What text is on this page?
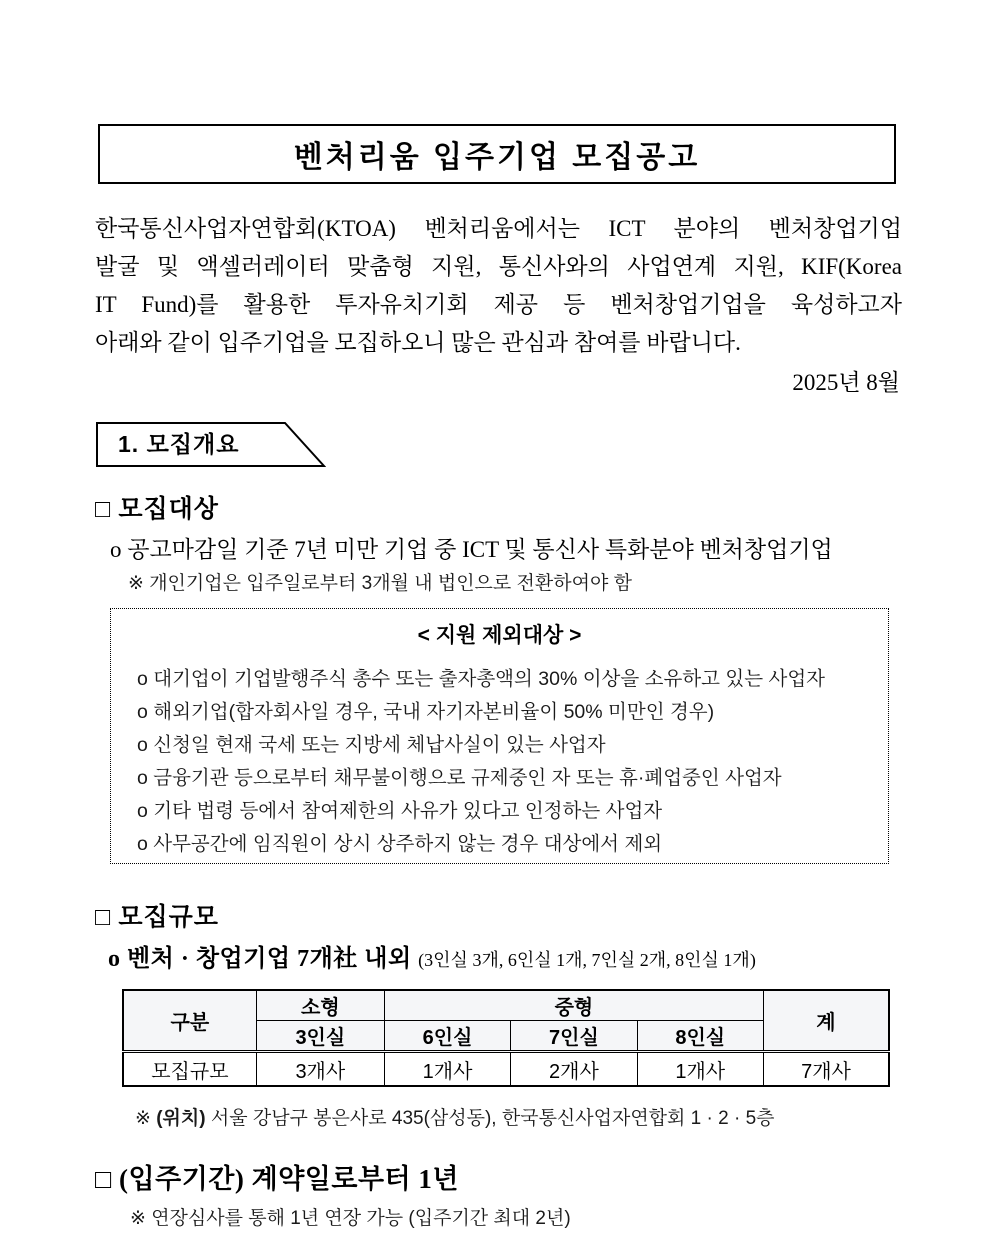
벤처리움 입주기업 모집공고
한국통신사업자연합회(KTOA) 벤처리움에서는 ICT 분야의 벤처창업기업
발굴 및 액셀러레이터 맞춤형 지원, 통신사와의 사업연계 지원, KIF(Korea
IT Fund)를 활용한 투자유치기회 제공 등 벤처창업기업을 육성하고자
아래와 같이 입주기업을 모집하오니 많은 관심과 참여를 바랍니다.
2025년 8월
1. 모집개요
□ 모집대상
o 공고마감일 기준 7년 미만 기업 중 ICT 및 통신사 특화분야 벤처창업기업
※ 개인기업은 입주일로부터 3개월 내 법인으로 전환하여야 함
< 지원 제외대상 >
o 대기업이 기업발행주식 총수 또는 출자총액의 30% 이상을 소유하고 있는 사업자
o 해외기업(합자회사일 경우, 국내 자기자본비율이 50% 미만인 경우)
o 신청일 현재 국세 또는 지방세 체납사실이 있는 사업자
o 금융기관 등으로부터 채무불이행으로 규제중인 자 또는 휴·폐업중인 사업자
o 기타 법령 등에서 참여제한의 사유가 있다고 인정하는 사업자
o 사무공간에 임직원이 상시 상주하지 않는 경우 대상에서 제외
□ 모집규모
o 벤처 · 창업기업 7개社 내외 (3인실 3개, 6인실 1개, 7인실 2개, 8인실 1개)
구분	소형	중형			계
	3인실	6인실	7인실	8인실	
모집규모	3개사	1개사	2개사	1개사	7개사
※ (위치) 서울 강남구 봉은사로 435(삼성동), 한국통신사업자연합회 1 · 2 · 5층
□ (입주기간) 계약일로부터 1년
※ 연장심사를 통해 1년 연장 가능 (입주기간 최대 2년)
